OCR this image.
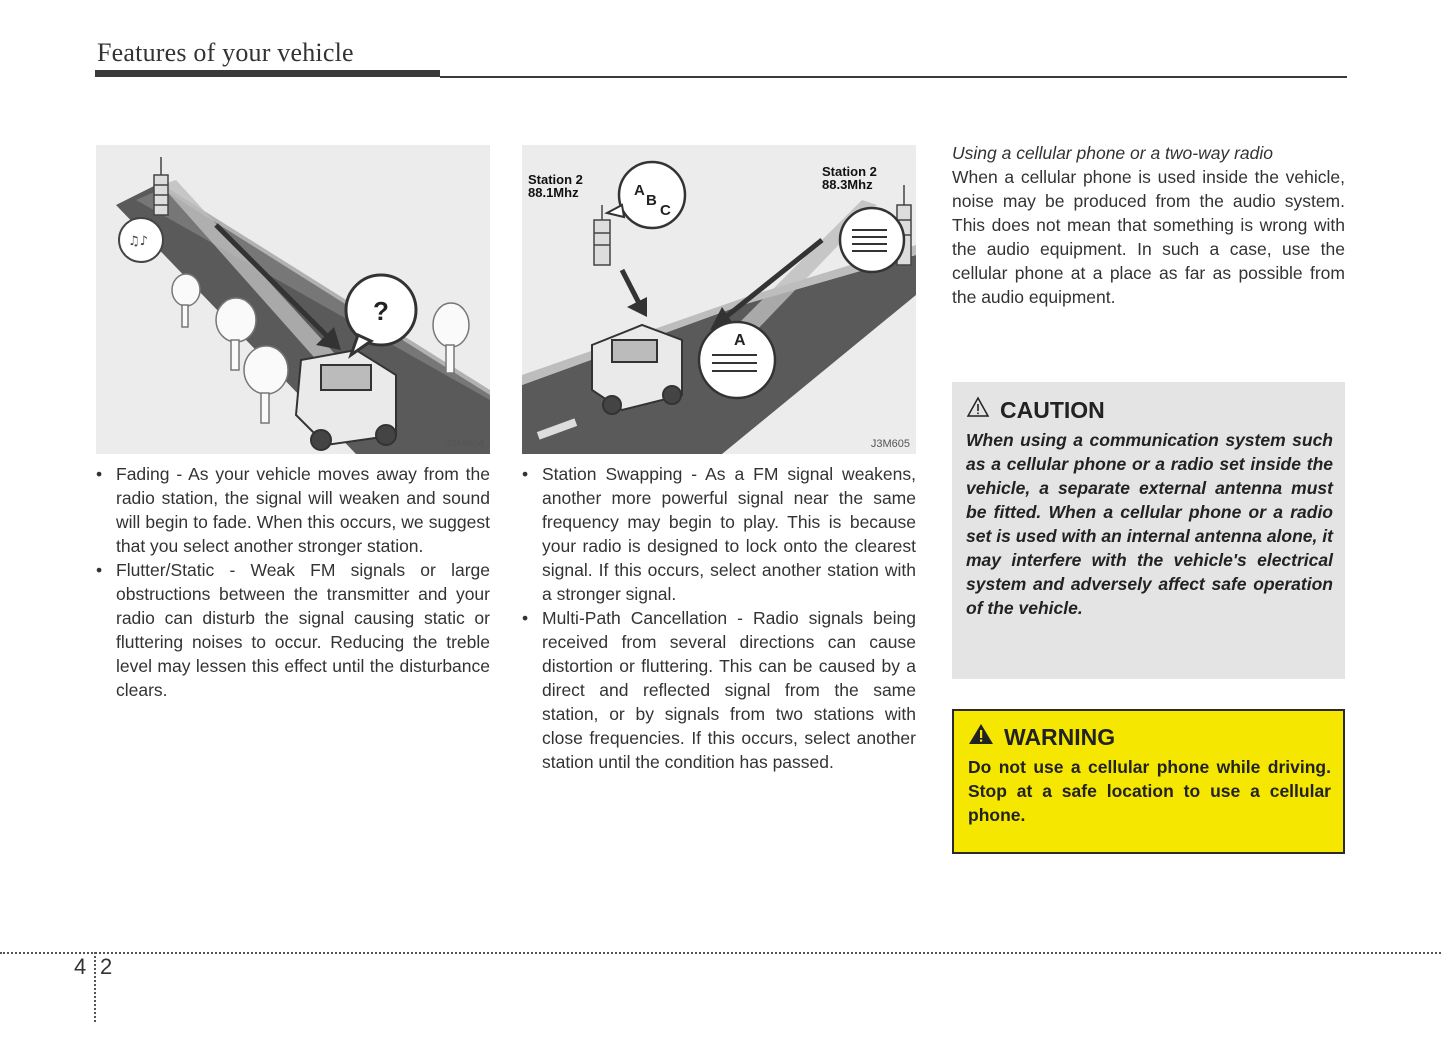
Features of your vehicle
♫♪
?
J3M604
A
B
C
A
Station 2
88.1Mhz
Station 2
88.3Mhz
J3M605
• Fading - As your vehicle moves away from the radio station, the signal will weaken and sound will begin to fade. When this occurs, we suggest that you select another stronger station.
• Flutter/Static - Weak FM signals or large obstructions between the transmitter and your radio can disturb the signal causing static or fluttering noises to occur. Reducing the treble level may lessen this effect until the disturbance clears.
• Station Swapping - As a FM signal weakens, another more powerful signal near the same frequency may begin to play. This is because your radio is designed to lock onto the clearest signal. If this occurs, select another station with a stronger signal.
• Multi-Path Cancellation - Radio signals being received from several directions can cause distortion or fluttering. This can be caused by a direct and reflected signal from the same station, or by signals from two stations with close frequencies. If this occurs, select another station until the condition has passed.

Using a cellular phone or a two-way radio

When a cellular phone is used inside the vehicle, noise may be produced from the audio system. This does not mean that something is wrong with the audio equipment. In such a case, use the cellular phone at a place as far as possible from the audio equipment.

CAUTION

When using a communication system such as a cellular phone or a radio set inside the vehicle, a separate external antenna must be fitted. When a cellular phone or a radio set is used with an internal antenna alone, it may interfere with the vehicle's electrical system and adversely affect safe operation of the vehicle.

WARNING

Do not use a cellular phone while driving. Stop at a safe location to use a cellular phone.

4 2
